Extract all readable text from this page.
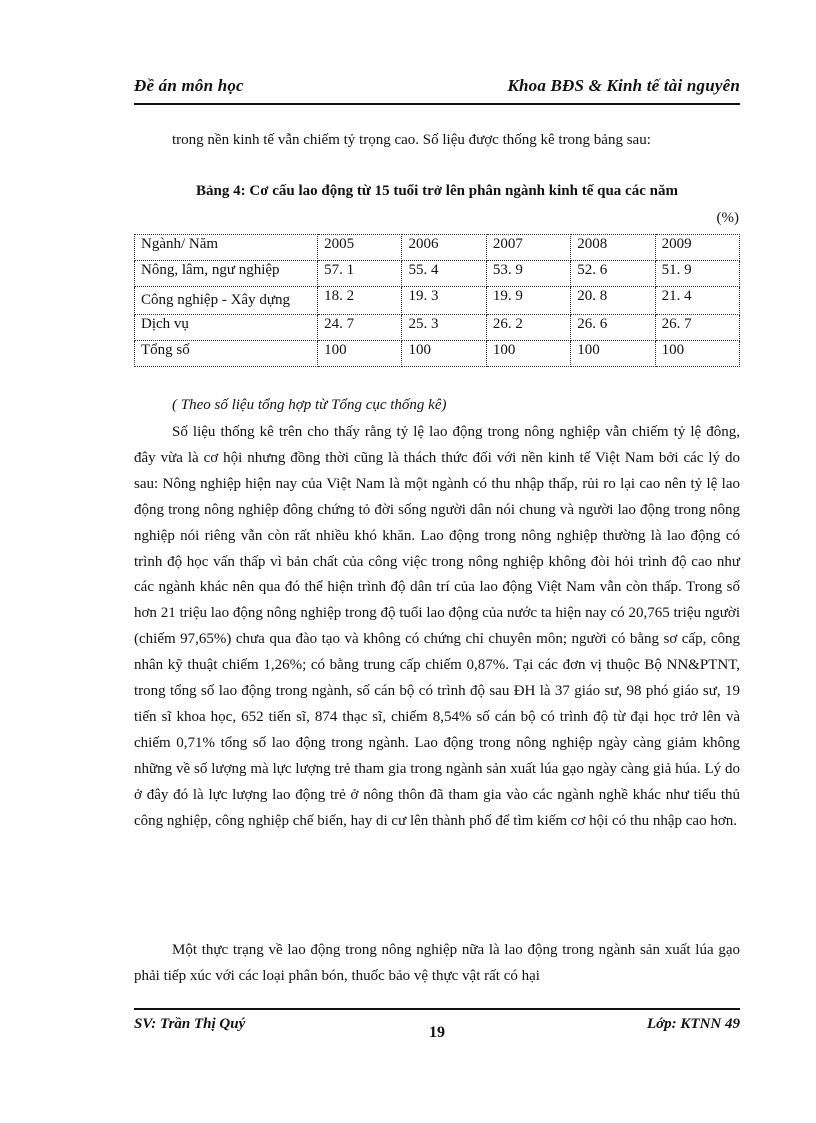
Đề án môn học	Khoa BĐS & Kinh tế tài nguyên
trong nền kinh tế vẫn chiếm tỷ trọng cao. Số liệu được thống kê trong bảng sau:
Bảng 4: Cơ cấu lao động từ 15 tuổi trở lên phân ngành kinh tế qua các năm
(%)
Ngành/ Năm	2005	2006	2007	2008	2009
Nông, lâm, ngư nghiệp	57. 1	55. 4	53. 9	52. 6	51. 9
Công nghiệp - Xây dựng	18. 2	19. 3	19. 9	20. 8	21. 4
Dịch vụ	24. 7	25. 3	26. 2	26. 6	26. 7
Tổng số	100	100	100	100	100
( Theo số liệu tổng hợp từ Tổng cục thống kê)
Số liệu thống kê trên cho thấy rằng tỷ lệ lao động trong nông nghiệp vẫn chiếm tỷ lệ đông, đây vừa là cơ hội nhưng đồng thời cũng là thách thức đối với nền kinh tế Việt Nam bởi các lý do sau: Nông nghiệp hiện nay của Việt Nam là một ngành có thu nhập thấp, rủi ro lại cao nên tỷ lệ lao động trong nông nghiệp đông chứng tỏ đời sống người dân nói chung và người lao động trong nông nghiệp nói riêng vẫn còn rất nhiều khó khăn. Lao động trong nông nghiệp thường là lao động có trình độ học vấn thấp vì bản chất của công việc trong nông nghiệp không đòi hỏi trình độ cao như các ngành khác nên qua đó thể hiện trình độ dân trí của lao động Việt Nam vẫn còn thấp. Trong số hơn 21 triệu lao động nông nghiệp trong độ tuổi lao động của nước ta hiện nay có 20,765 triệu người (chiếm 97,65%) chưa qua đào tạo và không có chứng chỉ chuyên môn; người có bằng sơ cấp, công nhân kỹ thuật chiếm 1,26%; có bằng trung cấp chiếm 0,87%. Tại các đơn vị thuộc Bộ NN&PTNT, trong tổng số lao động trong ngành, số cán bộ có trình độ sau ĐH là 37 giáo sư, 98 phó giáo sư, 19 tiến sĩ khoa học, 652 tiến sĩ, 874 thạc sĩ, chiếm 8,54% số cán bộ có trình độ từ đại học trở lên và chiếm 0,71% tổng số lao động trong ngành. Lao động trong nông nghiệp ngày càng giảm không những về số lượng mà lực lượng trẻ tham gia trong ngành sản xuất lúa gạo ngày càng giả húa. Lý do ở đây đó là lực lượng lao động trẻ ở nông thôn đã tham gia vào các ngành nghề khác như tiểu thủ công nghiệp, công nghiệp chế biến, hay di cư lên thành phố để tìm kiếm cơ hội có thu nhập cao hơn.
Một thực trạng về lao động trong nông nghiệp nữa là lao động trong ngành sản xuất lúa gạo phải tiếp xúc với các loại phân bón, thuốc bảo vệ thực vật rất có hại
SV: Trần Thị Quý	19	Lớp: KTNN 49
